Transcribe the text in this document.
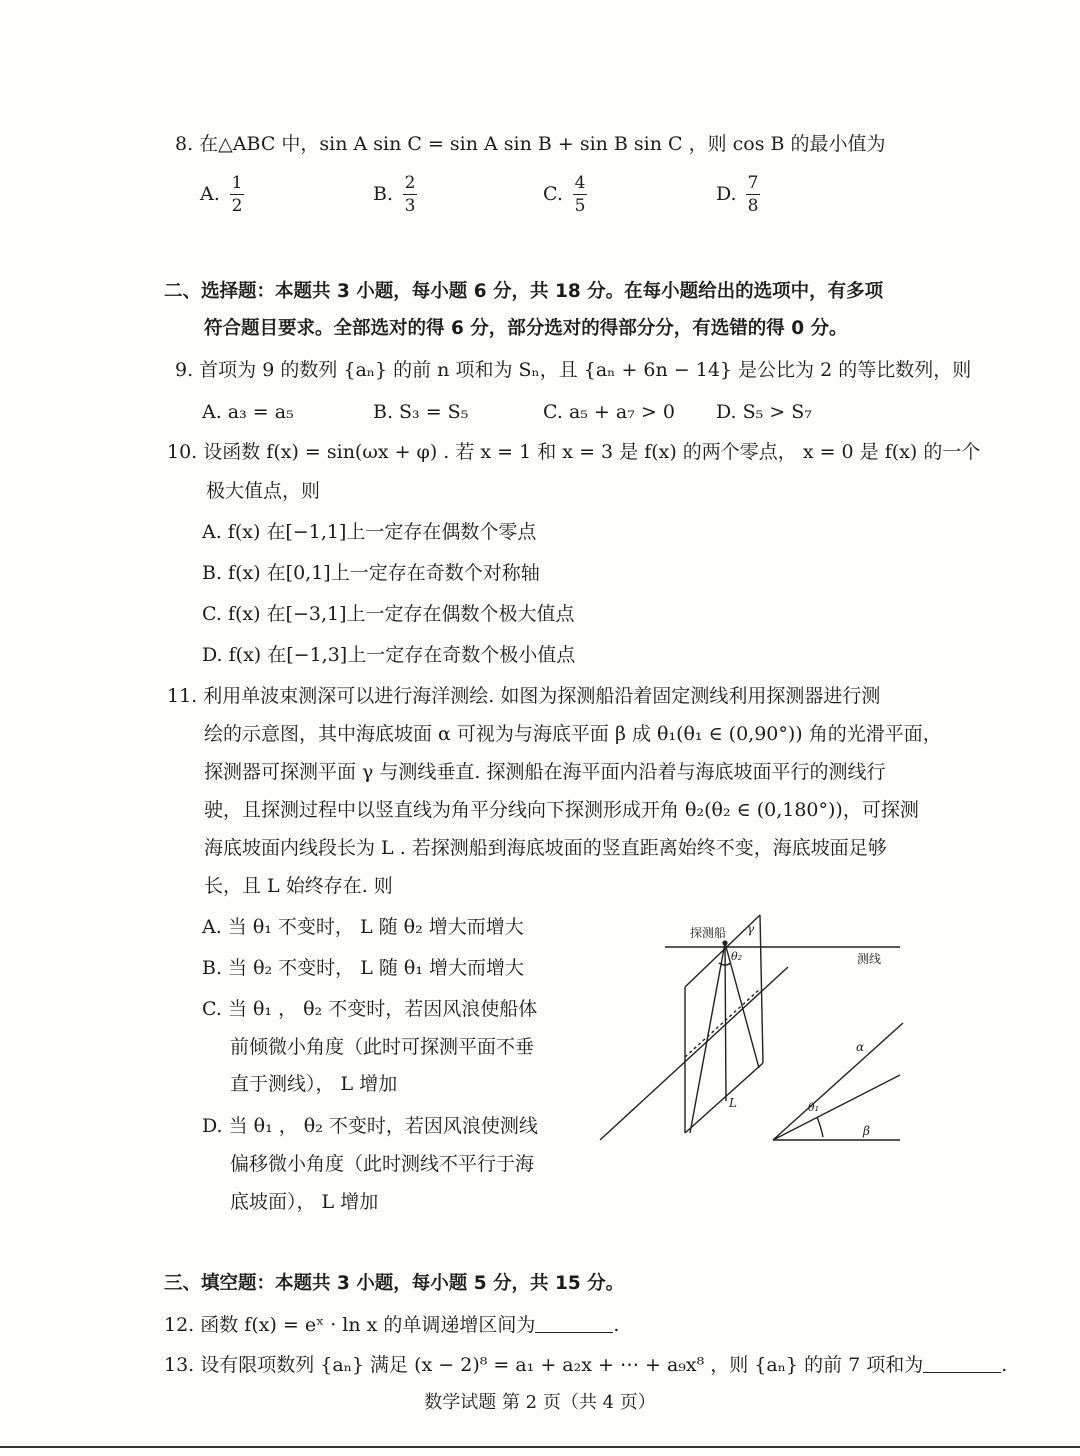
8. 在△ABC 中，sin A sin C = sin A sin B + sin B sin C ，则 cos B 的最小值为
A. 1
2
B. 2
3
C. 4
5
D. 7
8
二、选择题：本题共 3 小题，每小题 6 分，共 18 分。在每小题给出的选项中，有多项
符合题目要求。全部选对的得 6 分，部分选对的得部分分，有选错的得 0 分。
9. 首项为 9 的数列 {aₙ} 的前 n 项和为 Sₙ，且 {aₙ + 6n − 14} 是公比为 2 的等比数列，则
A. a₃ = a₅	B. S₃ = S₅	C. a₅ + a₇ > 0 D. S₅ > S₇
10. 设函数 f(x) = sin(ωx + φ) . 若 x = 1 和 x = 3 是 f(x) 的两个零点， x = 0 是 f(x) 的一个
极大值点，则
A. f(x) 在[−1,1]上一定存在偶数个零点
B. f(x) 在[0,1]上一定存在奇数个对称轴
C. f(x) 在[−3,1]上一定存在偶数个极大值点
D. f(x) 在[−1,3]上一定存在奇数个极小值点
11. 利用单波束测深可以进行海洋测绘. 如图为探测船沿着固定测线利用探测器进行测
绘的示意图，其中海底坡面 α 可视为与海底平面 β 成 θ₁(θ₁ ∈ (0,90°)) 角的光滑平面，
探测器可探测平面 γ 与测线垂直. 探测船在海平面内沿着与海底坡面平行的测线行
驶，且探测过程中以竖直线为角平分线向下探测形成开角 θ₂(θ₂ ∈ (0,180°))，可探测
海底坡面内线段长为 L . 若探测船到海底坡面的竖直距离始终不变，海底坡面足够
长，且 L 始终存在. 则
A. 当 θ₁ 不变时， L 随 θ₂ 增大而增大
B. 当 θ₂ 不变时， L 随 θ₁ 增大而增大
C. 当 θ₁ ， θ₂ 不变时，若因风浪使船体
前倾微小角度（此时可探测平面不垂
直于测线）， L 增加
D. 当 θ₁ ， θ₂ 不变时，若因风浪使测线
偏移微小角度（此时测线不平行于海
底坡面）， L 增加
探测船 γ
θ₂	测线
L
α
θ₁
β
三、填空题：本题共 3 小题，每小题 5 分，共 15 分。
12. 函数 f(x) = eˣ · ln x 的单调递增区间为	.
13. 设有限项数列 {aₙ} 满足 (x − 2)⁸ = a₁ + a₂x + ⋯ + a₉x⁸ ，则 {aₙ} 的前 7 项和为	.
数学试题 第 2 页（共 4 页）
